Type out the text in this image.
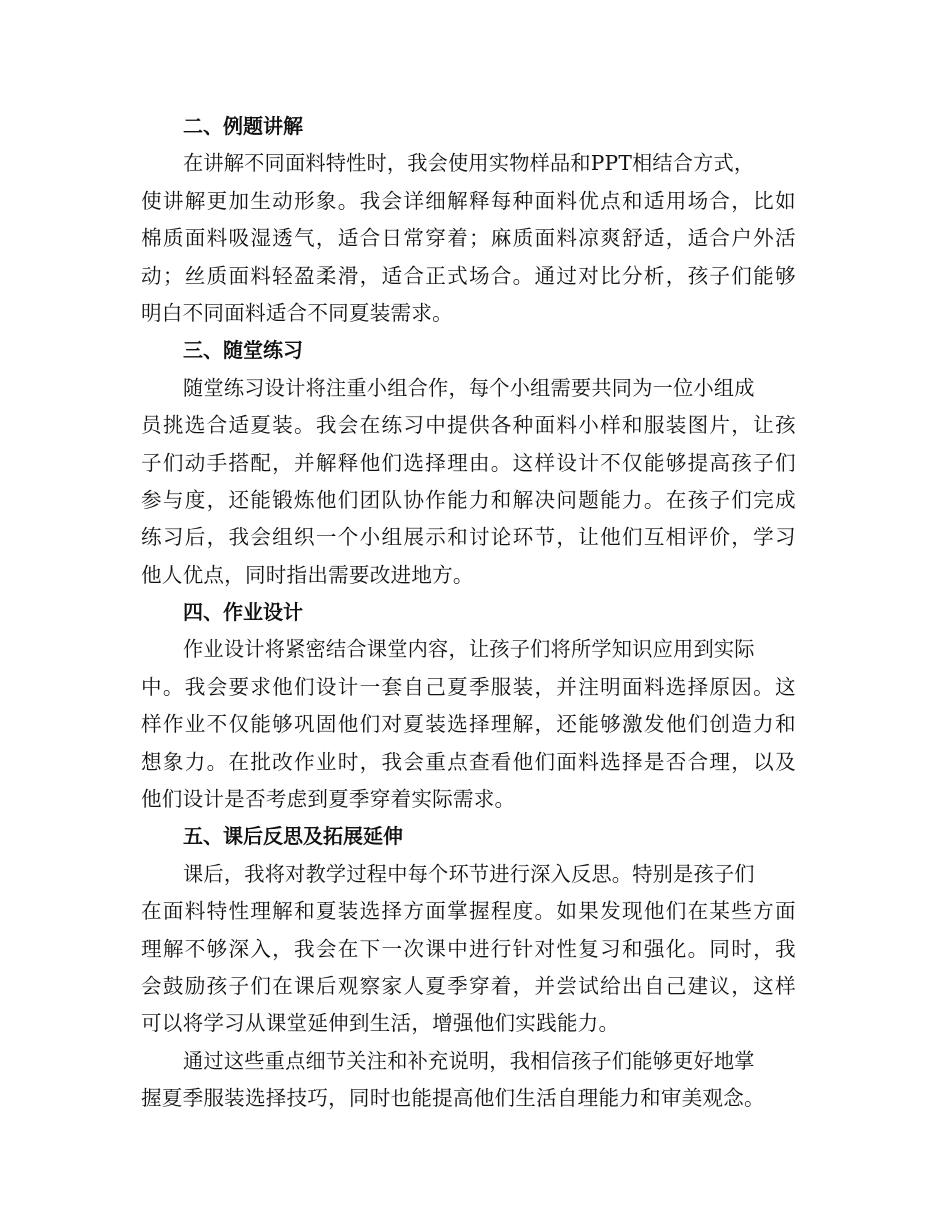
二、例题讲解

在讲解不同面料特性时，我会使用实物样品和PPT相结合方式，
使讲解更加生动形象。我会详细解释每种面料优点和适用场合，比如
棉质面料吸湿透气，适合日常穿着；麻质面料凉爽舒适，适合户外活
动；丝质面料轻盈柔滑，适合正式场合。通过对比分析，孩子们能够
明白不同面料适合不同夏装需求。

三、随堂练习

随堂练习设计将注重小组合作，每个小组需要共同为一位小组成
员挑选合适夏装。我会在练习中提供各种面料小样和服装图片，让孩
子们动手搭配，并解释他们选择理由。这样设计不仅能够提高孩子们
参与度，还能锻炼他们团队协作能力和解决问题能力。在孩子们完成
练习后，我会组织一个小组展示和讨论环节，让他们互相评价，学习
他人优点，同时指出需要改进地方。

四、作业设计

作业设计将紧密结合课堂内容，让孩子们将所学知识应用到实际
中。我会要求他们设计一套自己夏季服装，并注明面料选择原因。这
样作业不仅能够巩固他们对夏装选择理解，还能够激发他们创造力和
想象力。在批改作业时，我会重点查看他们面料选择是否合理，以及
他们设计是否考虑到夏季穿着实际需求。

五、课后反思及拓展延伸

课后，我将对教学过程中每个环节进行深入反思。特别是孩子们
在面料特性理解和夏装选择方面掌握程度。如果发现他们在某些方面
理解不够深入，我会在下一次课中进行针对性复习和强化。同时，我
会鼓励孩子们在课后观察家人夏季穿着，并尝试给出自己建议，这样
可以将学习从课堂延伸到生活，增强他们实践能力。
通过这些重点细节关注和补充说明，我相信孩子们能够更好地掌
握夏季服装选择技巧，同时也能提高他们生活自理能力和审美观念。
